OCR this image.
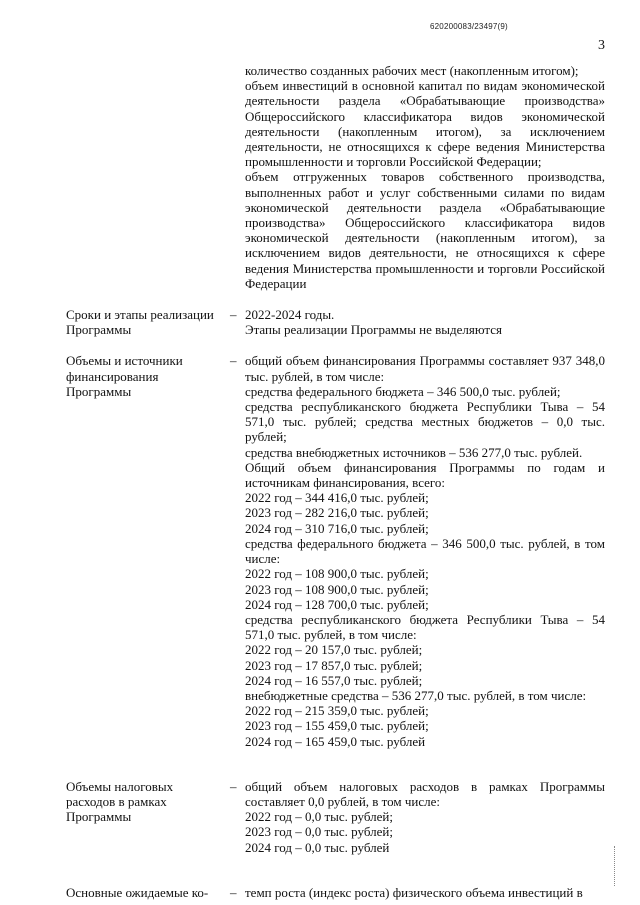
620200083/23497(9)
3

количество созданных рабочих мест (накопленным итогом);

объем инвестиций в основной капитал по видам экономической деятельности раздела «Обрабатывающие производства» Общероссийского классификатора видов экономической деятельности (накопленным итогом), за исключением деятельности, не относящихся к сфере ведения Министерства промышленности и торговли Российской Федерации;

объем отгруженных товаров собственного производства, выполненных работ и услуг собственными силами по видам экономической деятельности раздела «Обрабатывающие производства» Общероссийского классификатора видов экономической деятельности (накопленным итогом), за исключением видов деятельности, не относящихся к сфере ведения Министерства промышленности и торговли Российской Федерации

Сроки и этапы реализации Программы
– 2022-2024 годы.

Этапы реализации Программы не выделяются

Объемы и источники финансирования Программы
– общий объем финансирования Программы составляет 937 348,0 тыс. рублей, в том числе:

средства федерального бюджета – 346 500,0 тыс. рублей;

средства республиканского бюджета Республики Тыва – 54 571,0 тыс. рублей; средства местных бюджетов – 0,0 тыс. рублей;

средства внебюджетных источников – 536 277,0 тыс. рублей.

Общий объем финансирования Программы по годам и источникам финансирования, всего:

2022 год – 344 416,0 тыс. рублей;

2023 год – 282 216,0 тыс. рублей;

2024 год – 310 716,0 тыс. рублей;

средства федерального бюджета – 346 500,0 тыс. рублей, в том числе:

2022 год – 108 900,0 тыс. рублей;

2023 год – 108 900,0 тыс. рублей;

2024 год – 128 700,0 тыс. рублей;

средства республиканского бюджета Республики Тыва – 54 571,0 тыс. рублей, в том числе:

2022 год – 20 157,0 тыс. рублей;

2023 год – 17 857,0 тыс. рублей;

2024 год – 16 557,0 тыс. рублей;

внебюджетные средства – 536 277,0 тыс. рублей, в том числе:

2022 год – 215 359,0 тыс. рублей;

2023 год – 155 459,0 тыс. рублей;

2024 год – 165 459,0 тыс. рублей

Объемы налоговых расходов в рамках Программы
– общий объем налоговых расходов в рамках Программы составляет 0,0 рублей, в том числе:

2022 год – 0,0 тыс. рублей;

2023 год – 0,0 тыс. рублей;

2024 год – 0,0 тыс. рублей

Основные ожидаемые ко-	– темп роста (индекс роста) физического объема инвестиций в
